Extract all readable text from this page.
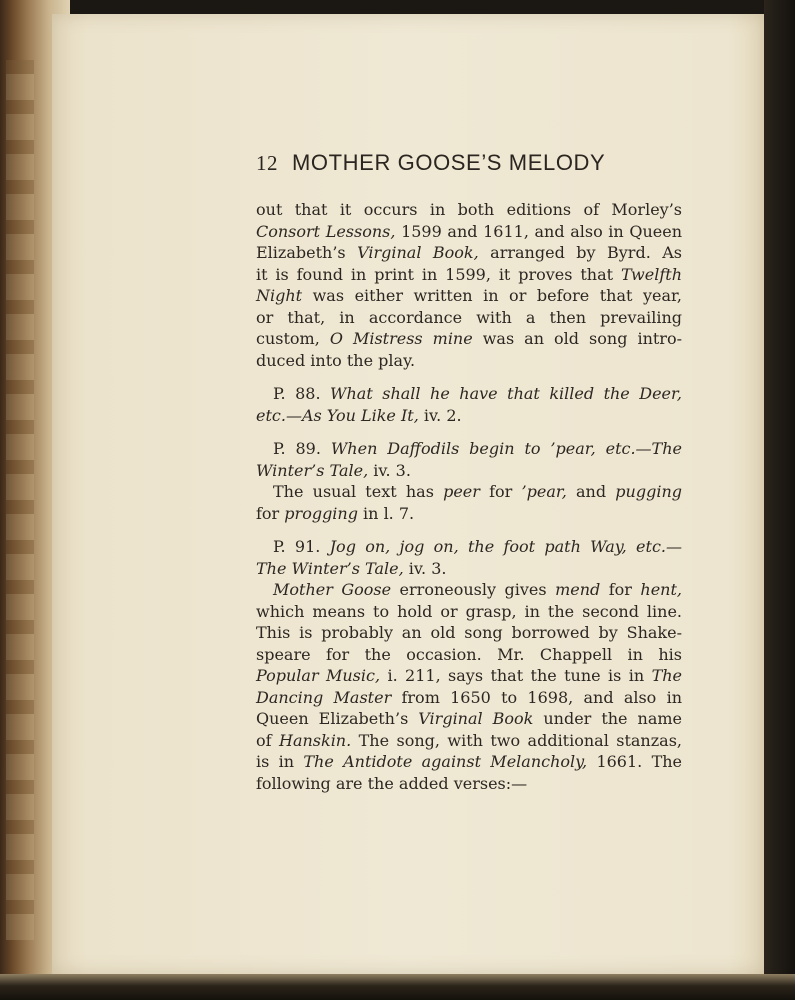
12 MOTHER GOOSE’S MELODY
out that it occurs in both editions of Morley’s
Consort Lessons, 1599 and 1611, and also in Queen
Elizabeth’s Virginal Book, arranged by Byrd. As
it is found in print in 1599, it proves that Twelfth
Night was either written in or before that year,
or that, in accordance with a then prevailing
custom, O Mistress mine was an old song intro-
duced into the play.
P. 88. What shall he have that killed the Deer,
etc.—As You Like It, iv. 2.
P. 89. When Daffodils begin to ’pear, etc.—The
Winter’s Tale, iv. 3.
The usual text has peer for ’pear, and pugging
for progging in l. 7.
P. 91. Jog on, jog on, the foot path Way, etc.—
The Winter’s Tale, iv. 3.
Mother Goose erroneously gives mend for hent,
which means to hold or grasp, in the second line.
This is probably an old song borrowed by Shake-
speare for the occasion. Mr. Chappell in his
Popular Music, i. 211, says that the tune is in The
Dancing Master from 1650 to 1698, and also in
Queen Elizabeth’s Virginal Book under the name
of Hanskin. The song, with two additional stanzas,
is in The Antidote against Melancholy, 1661. The
following are the added verses:—
